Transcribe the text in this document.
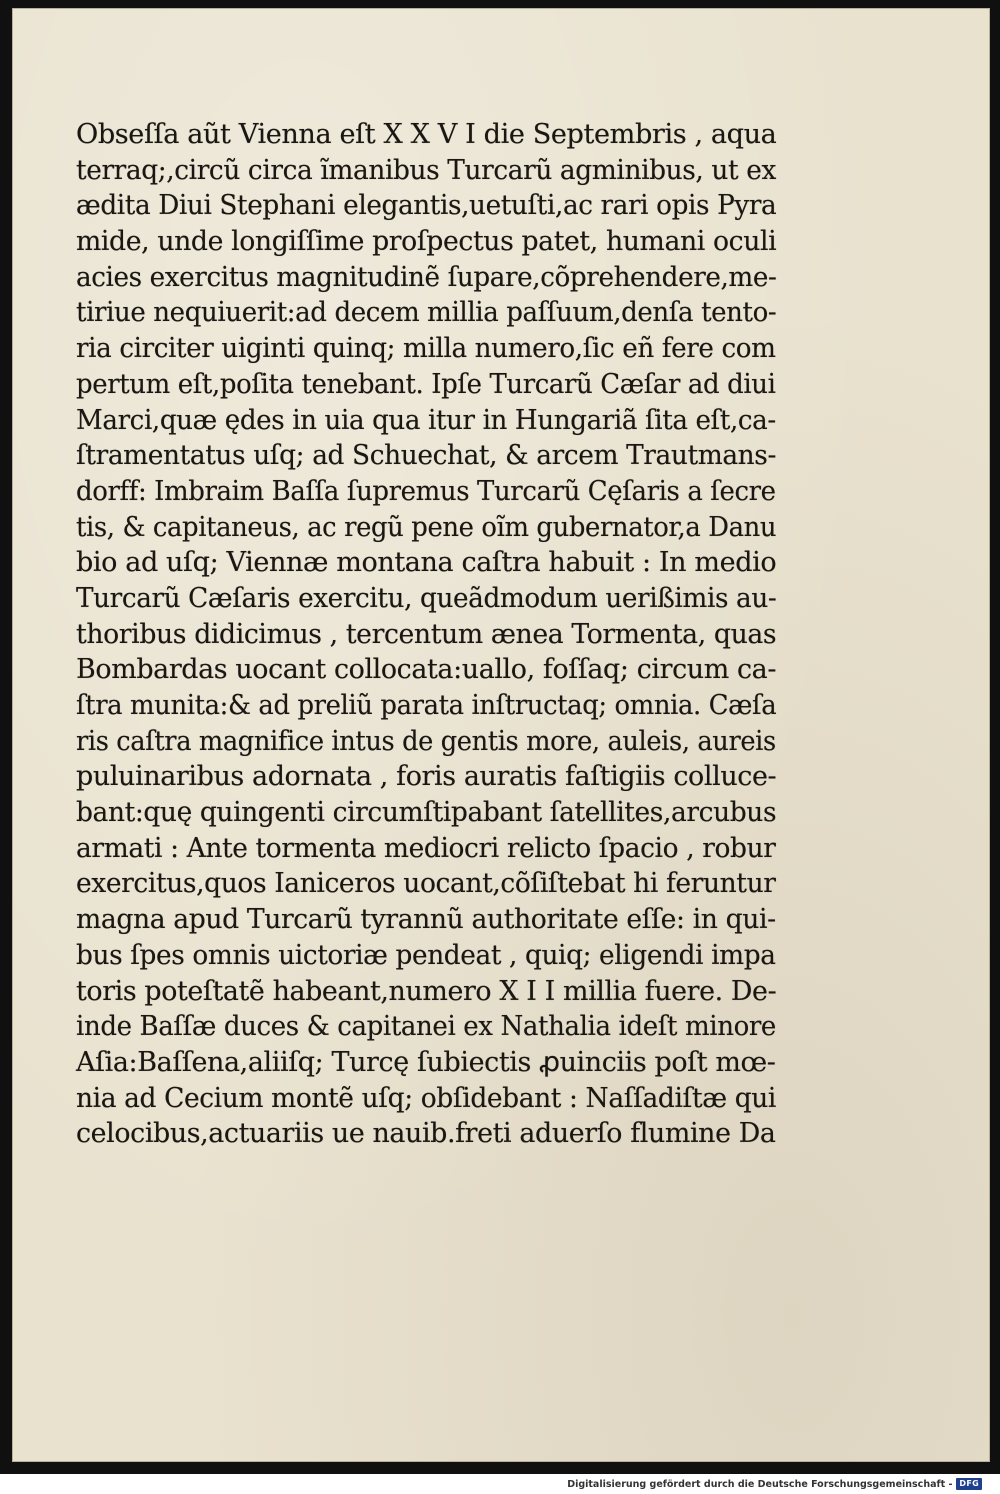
Obseſſa aũt Vienna eſt X X V I die Septembris , aqua
terraq;,circũ circa ĩmanibus Turcarũ agminibus, ut ex
ædita Diui Stephani elegantis,uetuſti,ac rari opis Pyra
mide, unde longiſſime proſpectus patet, humani oculi
acies exercitus magnitudinẽ ſupare,cõprehendere,me-
tiriue nequiuerit:ad decem millia paſſuum,denſa tento-
ria circiter uiginti quinq; milla numero,ſic eñ fere com
pertum eſt,poſita tenebant. Ipſe Turcarũ Cæſar ad diui
Marci,quæ ędes in uia qua itur in Hungariã ſita eſt,ca-
ſtramentatus uſq; ad Schuechat, & arcem Trautmans-
dorff: Imbraim Baſſa ſupremus Turcarũ Cęſaris a ſecre
tis, & capitaneus, ac regũ pene oĩm gubernator,a Danu
bio ad uſq; Viennæ montana caſtra habuit : In medio
Turcarũ Cæſaris exercitu, queãdmodum uerißimis au-
thoribus didicimus , tercentum ænea Tormenta, quas
Bombardas uocant collocata:uallo, foſſaq; circum ca-
ſtra munita:& ad preliũ parata inſtructaq; omnia. Cæſa
ris caſtra magnifice intus de gentis more, auleis, aureis
puluinaribus adornata , foris auratis faſtigiis colluce-
bant:quę quingenti circumſtipabant ſatellites,arcubus
armati : Ante tormenta mediocri relicto ſpacio , robur
exercitus,quos Ianiceros uocant,cõſiſtebat hi feruntur
magna apud Turcarũ tyrannũ authoritate eſſe: in qui-
bus ſpes omnis uictoriæ pendeat , quiq; eligendi impa
toris poteſtatẽ habeant,numero X I I millia fuere. De-
inde Baſſæ duces & capitanei ex Nathalia ideſt minore
Aſia:Baſſena,aliiſq; Turcę ſubiectis ꝓuinciis poſt mœ-
nia ad Cecium montẽ uſq; obſidebant : Naſſadiſtæ qui
celocibus,actuariis ue nauib.freti aduerſo flumine Da
Digitalisierung gefördert durch die Deutsche Forschungsgemeinschaft - DFG
